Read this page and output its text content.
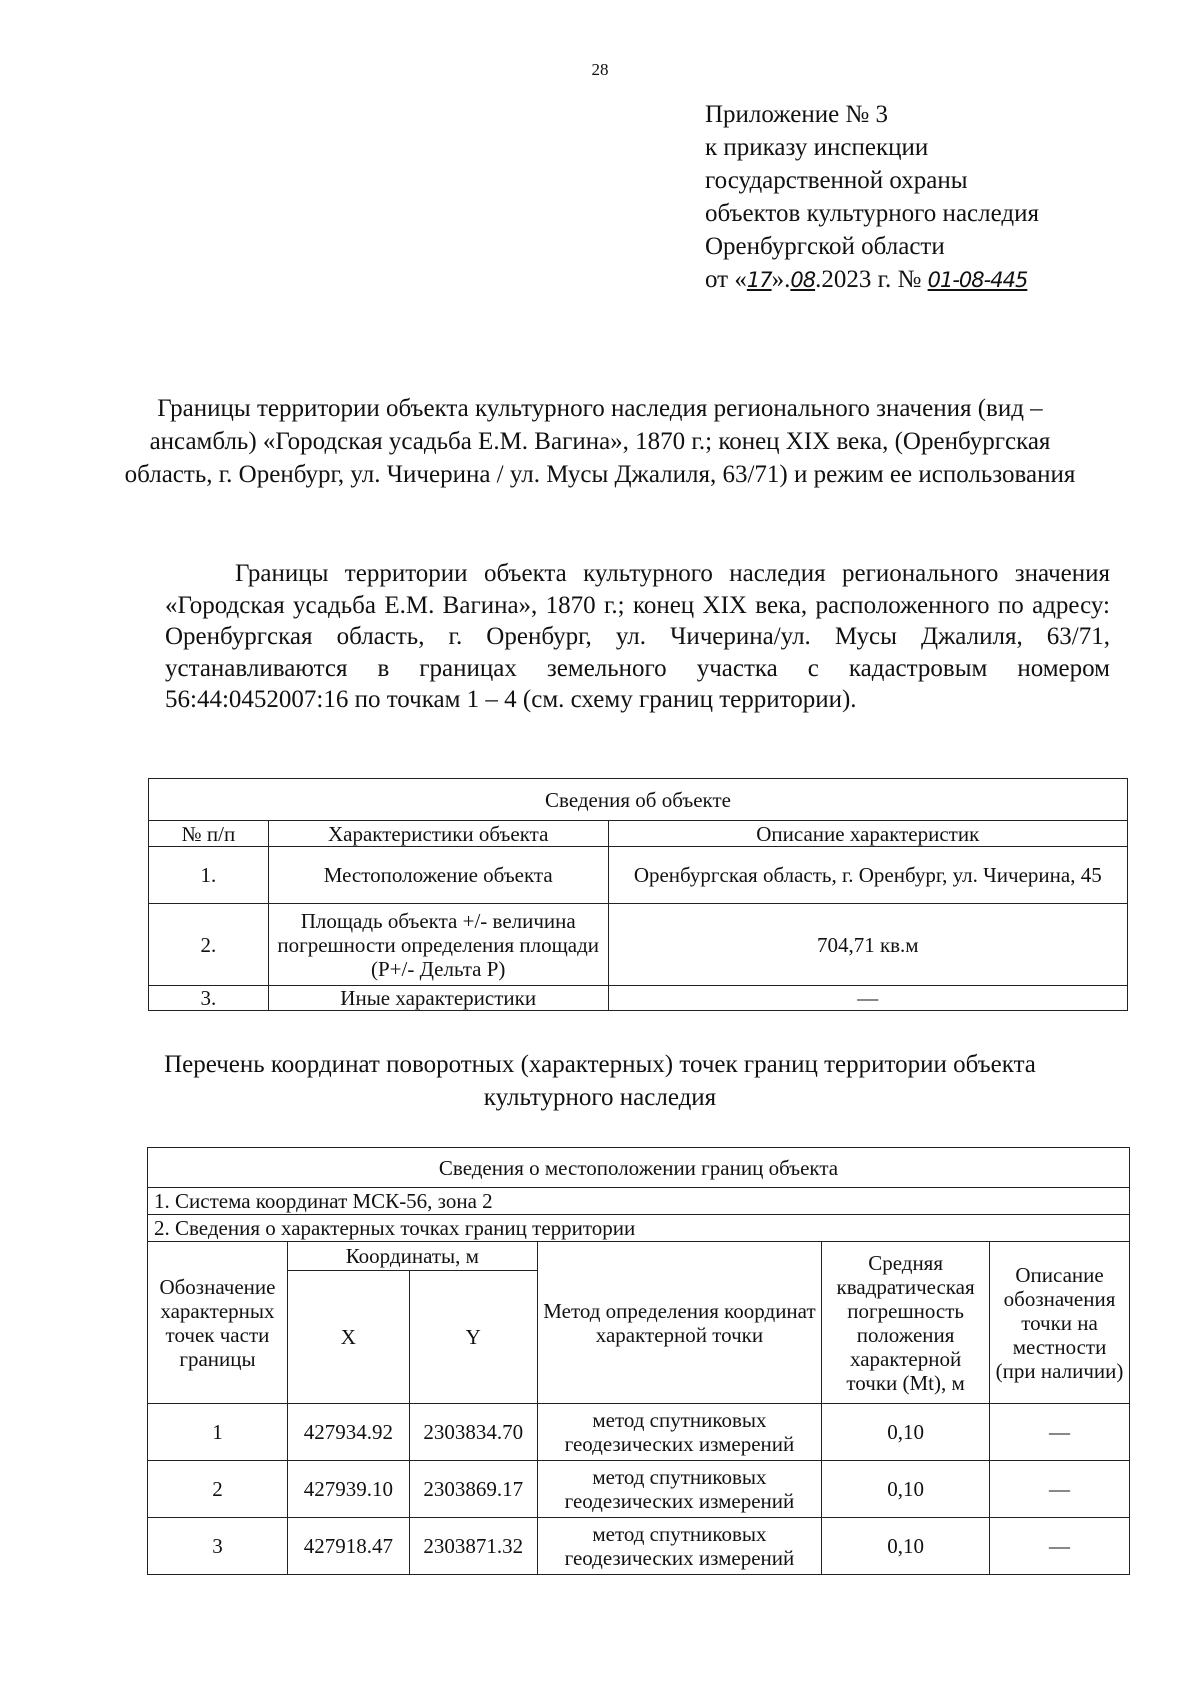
28
Приложение № 3
к приказу инспекции
государственной охраны
объектов культурного наследия
Оренбургской области
от «17».08.2023 г. № 01-08-445
Границы территории объекта культурного наследия регионального значения (вид – ансамбль) «Городская усадьба Е.М. Вагина», 1870 г.; конец XIX века, (Оренбургская область, г. Оренбург, ул. Чичерина / ул. Мусы Джалиля, 63/71) и режим ее использования
Границы территории объекта культурного наследия регионального значения «Городская усадьба Е.М. Вагина», 1870 г.; конец XIX века, расположенного по адресу: Оренбургская область, г. Оренбург, ул. Чичерина/ул. Мусы Джалиля, 63/71, устанавливаются в границах земельного участка с кадастровым номером 56:44:0452007:16 по точкам 1 – 4 (см. схему границ территории).
Сведения об объекте		
№ п/п	Характеристики объекта	Описание характеристик
1.	Местоположение объекта	Оренбургская область, г. Оренбург, ул. Чичерина, 45
2.	Площадь объекта +/- величина погрешности определения площади (Р+/- Дельта Р)	704,71 кв.м
3.	Иные характеристики	—
Перечень координат поворотных (характерных) точек границ территории объекта культурного наследия
Сведения о местоположении границ объекта					
1. Система координат МСК-56, зона 2					
2. Сведения о характерных точках границ территории					
Обозначение характерных точек части границы	Координаты, м		Метод определения координат характерной точки	Средняя квадратическая погрешность положения характерной точки (Mt), м	Описание обозначения точки на местности (при наличии)
	X	Y			
1	427934.92	2303834.70	метод спутниковых геодезических измерений	0,10	—
2	427939.10	2303869.17	метод спутниковых геодезических измерений	0,10	—
3	427918.47	2303871.32	метод спутниковых геодезических измерений	0,10	—
